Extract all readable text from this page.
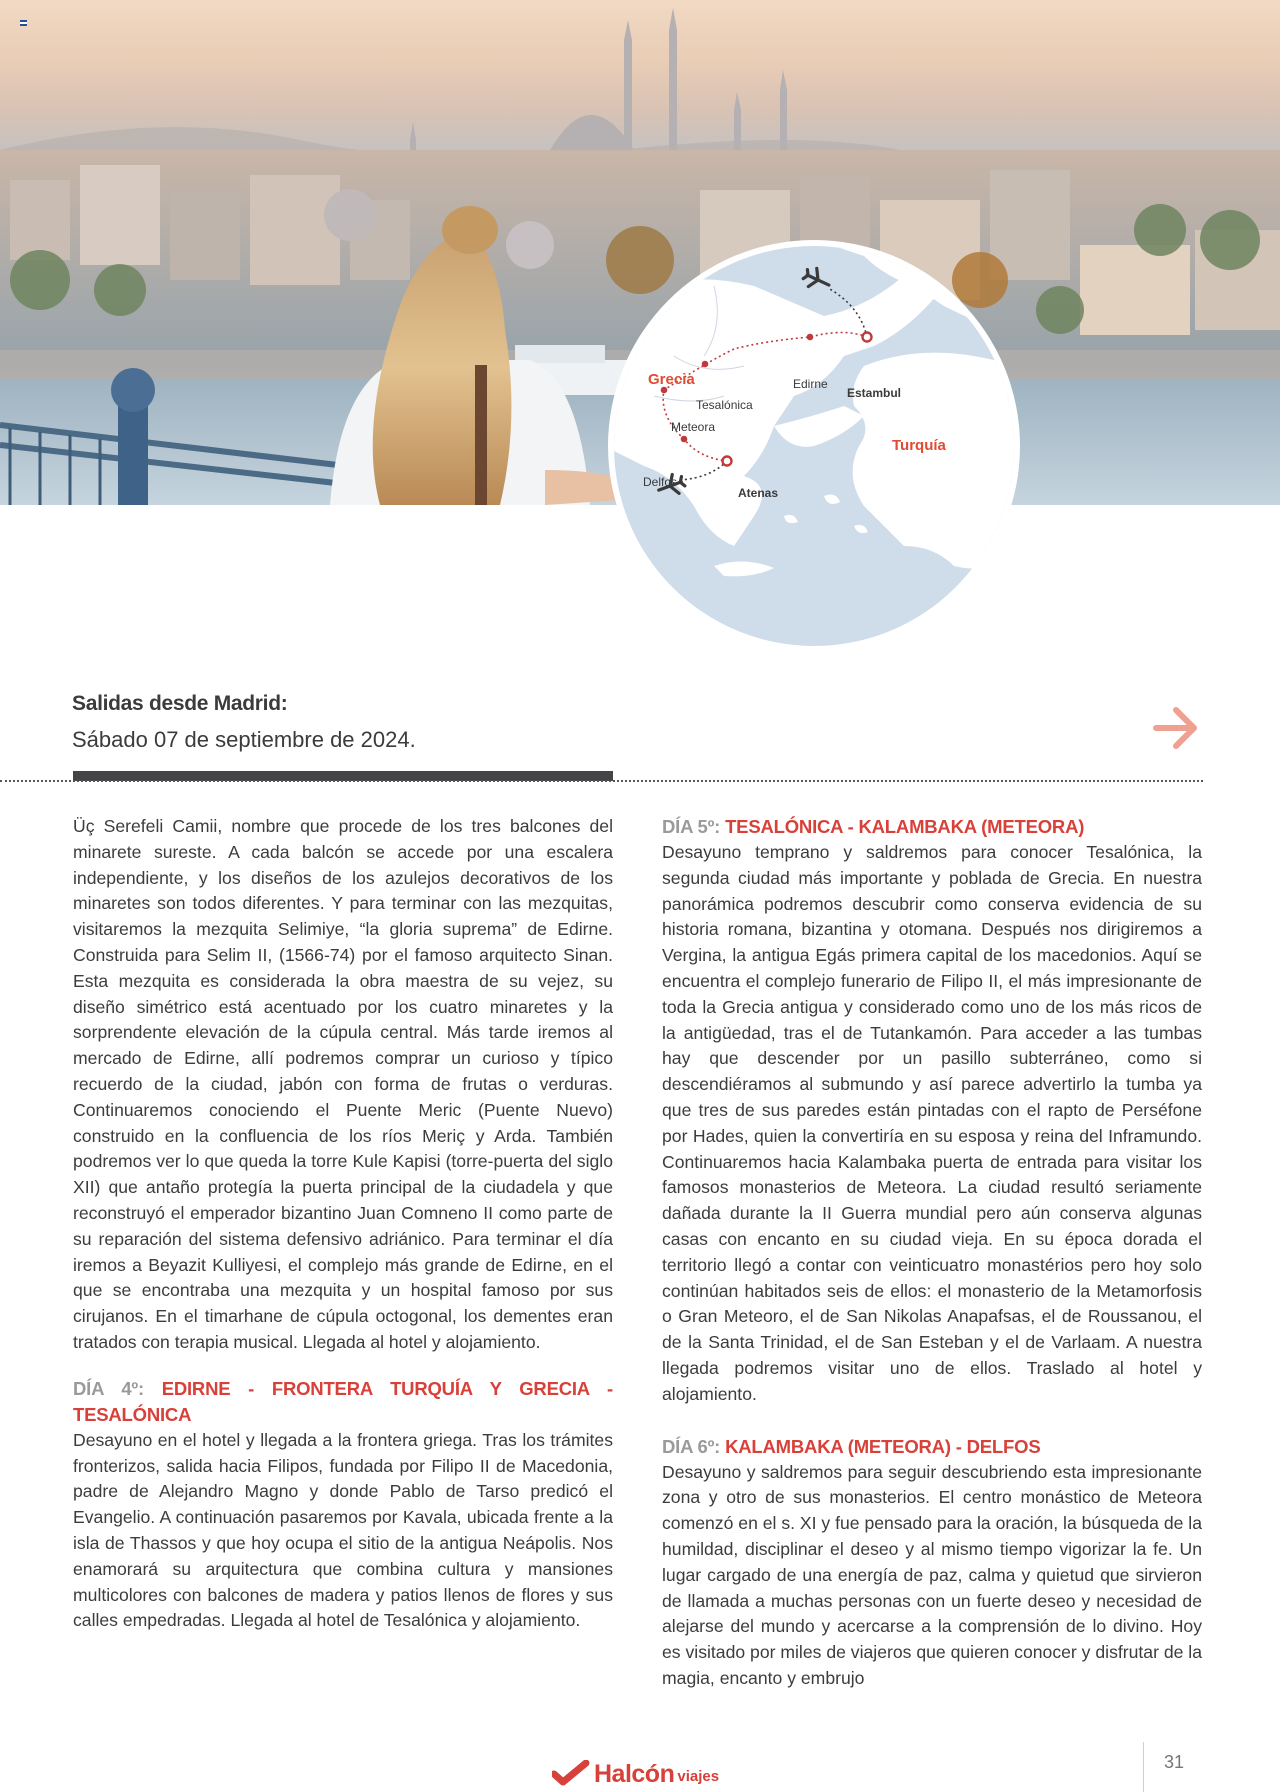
Grecia
Turquía
Edirne
Estambul
Tesalónica
Meteora
Delfos
Atenas
Salidas desde Madrid:
Sábado 07 de septiembre de 2024.

Üç Serefeli Camii, nombre que procede de los tres balcones del minarete sureste. A cada balcón se accede por una escalera independiente, y los diseños de los azulejos decorativos de los minaretes son todos diferentes. Y para terminar con las mezquitas, visitaremos la mezquita Selimiye, “la gloria suprema” de Edirne. Construida para Selim II, (1566-74) por el famoso arquitecto Sinan. Esta mezquita es considerada la obra maestra de su vejez, su diseño simétrico está acentuado por los cuatro minaretes y la sorprendente elevación de la cúpula central. Más tarde iremos al mercado de Edirne, allí podremos comprar un curioso y típico recuerdo de la ciudad, jabón con forma de frutas o verduras. Continuaremos conociendo el Puente Meric (Puente Nuevo) construido en la confluencia de los ríos Meriç y Arda. También podremos ver lo que queda la torre Kule Kapisi (torre-puerta del siglo XII) que antaño protegía la puerta principal de la ciudadela y que reconstruyó el emperador bizantino Juan Comneno II como parte de su reparación del sistema defensivo adriánico. Para terminar el día iremos a Beyazit Kulliyesi, el complejo más grande de Edirne, en el que se encontraba una mezquita y un hospital famoso por sus cirujanos. En el timarhane de cúpula octogonal, los dementes eran tratados con terapia musical. Llegada al hotel y alojamiento.

DÍA 4º: EDIRNE - FRONTERA TURQUÍA Y GRECIA - TESALÓNICA

Desayuno en el hotel y llegada a la frontera griega. Tras los trámites fronterizos, salida hacia Filipos, fundada por Filipo II de Macedonia, padre de Alejandro Magno y donde Pablo de Tarso predicó el Evangelio. A continuación pasaremos por Kavala, ubicada frente a la isla de Thassos y que hoy ocupa el sitio de la antigua Neápolis. Nos enamorará su arquitectura que combina cultura y mansiones multicolores con balcones de madera y patios llenos de flores y sus calles empedradas. Llegada al hotel de Tesalónica y alojamiento.

DÍA 5º: TESALÓNICA - KALAMBAKA (METEORA)

Desayuno temprano y saldremos para conocer Tesalónica, la segunda ciudad más importante y poblada de Grecia. En nuestra panorámica podremos descubrir como conserva evidencia de su historia romana, bizantina y otomana. Después nos dirigiremos a Vergina, la antigua Egás primera capital de los macedonios. Aquí se encuentra el complejo funerario de Filipo II, el más impresionante de toda la Grecia antigua y considerado como uno de los más ricos de la antigüedad, tras el de Tutankamón. Para acceder a las tumbas hay que descender por un pasillo subterráneo, como si descendiéramos al submundo y así parece advertirlo la tumba ya que tres de sus paredes están pintadas con el rapto de Perséfone por Hades, quien la convertiría en su esposa y reina del Inframundo. Continuaremos hacia Kalambaka puerta de entrada para visitar los famosos monasterios de Meteora. La ciudad resultó seriamente dañada durante la II Guerra mundial pero aún conserva algunas casas con encanto en su ciudad vieja. En su época dorada el territorio llegó a contar con veinticuatro monastérios pero hoy solo continúan habitados seis de ellos: el monasterio de la Metamorfosis o Gran Meteoro, el de San Nikolas Anapafsas, el de Roussanou, el de la Santa Trinidad, el de San Esteban y el de Varlaam. A nuestra llegada podremos visitar uno de ellos. Traslado al hotel y alojamiento.

DÍA 6º: KALAMBAKA (METEORA) - DELFOS

Desayuno y saldremos para seguir descubriendo esta impresionante zona y otro de sus monasterios. El centro monástico de Meteora comenzó en el s. XI y fue pensado para la oración, la búsqueda de la humildad, disciplinar el deseo y al mismo tiempo vigorizar la fe. Un lugar cargado de una energía de paz, calma y quietud que sirvieron de llamada a muchas personas con un fuerte deseo y necesidad de alejarse del mundo y acercarse a la comprensión de lo divino. Hoy es visitado por miles de viajeros que quieren conocer y disfrutar de la magia, encanto y embrujo

Halcón viajes
31
